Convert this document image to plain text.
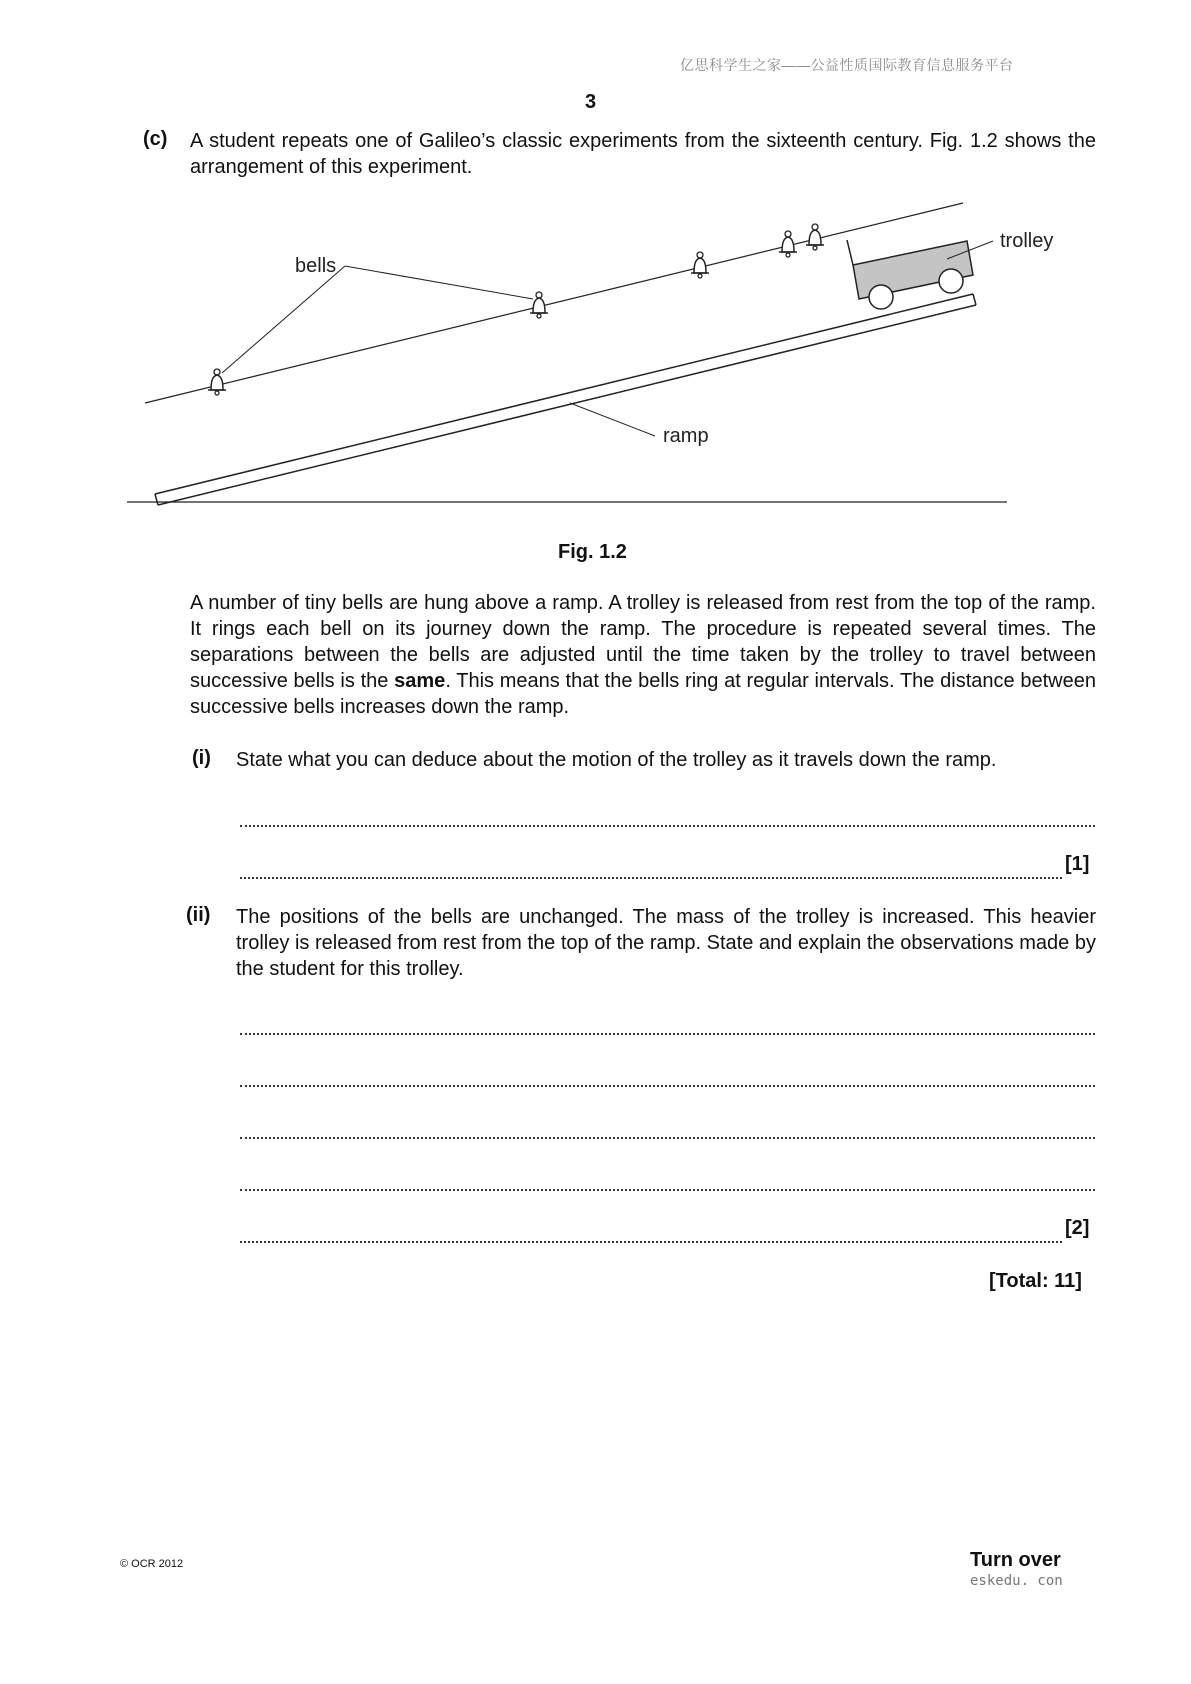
亿思科学生之家——公益性质国际教育信息服务平台
3
(c) A student repeats one of Galileo’s classic experiments from the sixteenth century. Fig. 1.2 shows the arrangement of this experiment.
bells
trolley
ramp
Fig. 1.2
A number of tiny bells are hung above a ramp. A trolley is released from rest from the top of the ramp. It rings each bell on its journey down the ramp. The procedure is repeated several times. The separations between the bells are adjusted until the time taken by the trolley to travel between successive bells is the same. This means that the bells ring at regular intervals. The distance between successive bells increases down the ramp.
(i) State what you can deduce about the motion of the trolley as it travels down the ramp.
[1]
(ii) The positions of the bells are unchanged. The mass of the trolley is increased. This heavier trolley is released from rest from the top of the ramp. State and explain the observations made by the student for this trolley.
[2]
[Total: 11]
© OCR 2012	Turn over
eskedu. con
